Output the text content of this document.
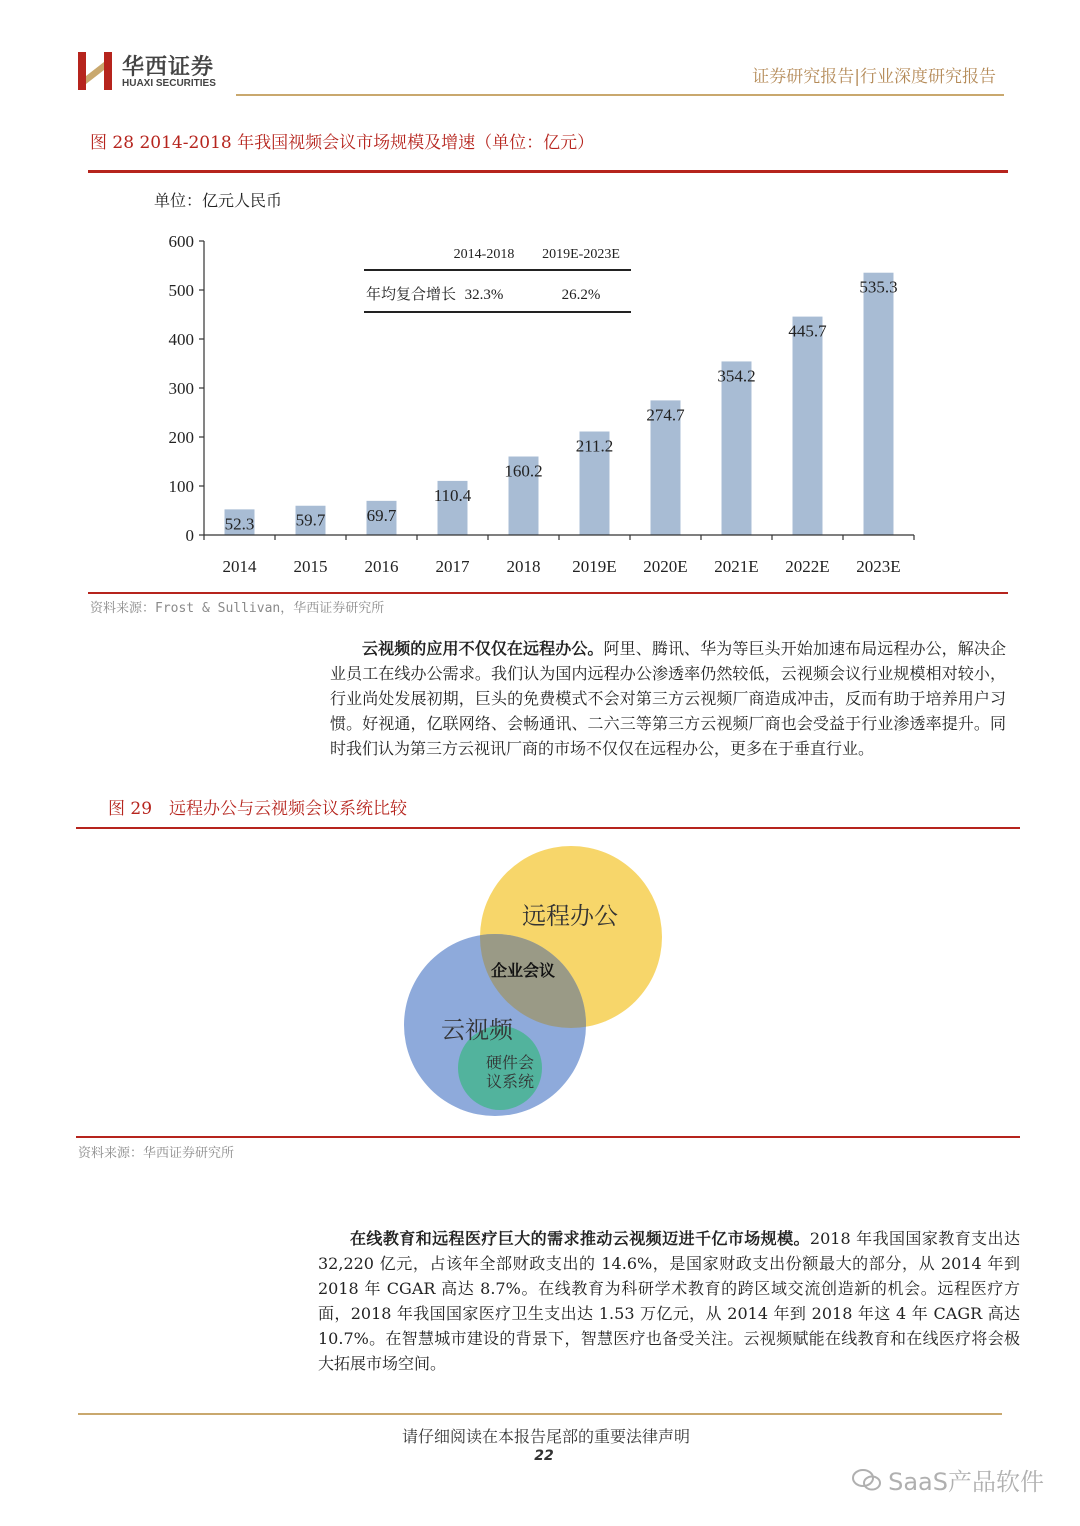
华西证券
HUAXI SECURITIES	证券研究报告|行业深度研究报告
图 28 2014-2018 年我国视频会议市场规模及增速（单位：亿元）
单位：亿元人民币
0
100
200
300
400
500
600
52.3 59.7 69.7
110.4
160.2
211.2
274.7
354.2
445.7
535.3
2014 2015 2016 2017 2018 2019E 2020E 2021E 2022E 2023E
2014-2018 2019E-2023E
年均复合增长 32.3%	26.2%
资料来源：Frost & Sullivan，华西证券研究所
云视频的应用不仅仅在远程办公。阿里、腾讯、华为等巨头开始加速布局远程办公，解决企业员工在线办公需求。我们认为国内远程办公渗透率仍然较低，云视频会议行业规模相对较小，行业尚处发展初期，巨头的免费模式不会对第三方云视频厂商造成冲击，反而有助于培养用户习惯。好视通，亿联网络、会畅通讯、二六三等第三方云视频厂商也会受益于行业渗透率提升。同时我们认为第三方云视讯厂商的市场不仅仅在远程办公，更多在于垂直行业。
图 29　远程办公与云视频会议系统比较
远程办公
企业会议
云视频
硬件会
议系统
资料来源：华西证券研究所
在线教育和远程医疗巨大的需求推动云视频迈进千亿市场规模。2018 年我国国家教育支出达 32,220 亿元，占该年全部财政支出的 14.6%，是国家财政支出份额最大的部分，从 2014 年到 2018 年 CGAR 高达 8.7%。在线教育为科研学术教育的跨区域交流创造新的机会。远程医疗方面，2018 年我国国家医疗卫生支出达 1.53 万亿元，从 2014 年到 2018 年这 4 年 CAGR 高达 10.7%。在智慧城市建设的背景下，智慧医疗也备受关注。云视频赋能在线教育和在线医疗将会极大拓展市场空间。
请仔细阅读在本报告尾部的重要法律声明
22
SaaS产品软件
